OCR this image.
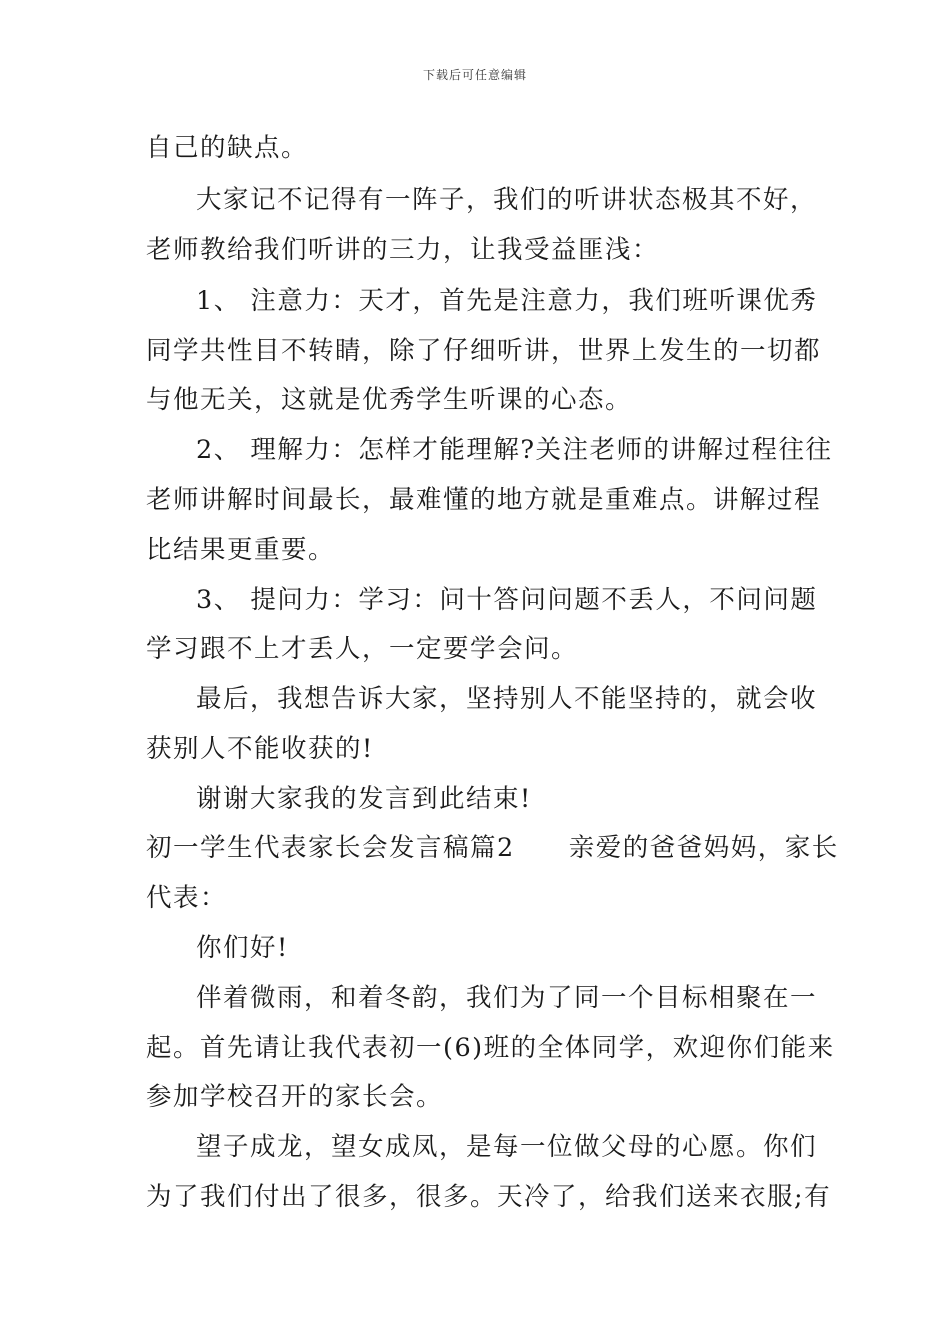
下载后可任意编辑
自己的缺点。
大家记不记得有一阵子，我们的听讲状态极其不好，
老师教给我们听讲的三力，让我受益匪浅：
1、 注意力：天才，首先是注意力，我们班听课优秀
同学共性目不转睛，除了仔细听讲，世界上发生的一切都
与他无关，这就是优秀学生听课的心态。
2、 理解力：怎样才能理解?关注老师的讲解过程往往
老师讲解时间最长，最难懂的地方就是重难点。讲解过程
比结果更重要。
3、 提问力：学习：问十答问问题不丢人，不问问题
学习跟不上才丢人，一定要学会问。
最后，我想告诉大家，坚持别人不能坚持的，就会收
获别人不能收获的!
谢谢大家我的发言到此结束!
初一学生代表家长会发言稿篇2　　亲爱的爸爸妈妈，家长
代表：
你们好!
伴着微雨，和着冬韵，我们为了同一个目标相聚在一
起。首先请让我代表初一(6)班的全体同学，欢迎你们能来
参加学校召开的家长会。
望子成龙，望女成凤，是每一位做父母的心愿。你们
为了我们付出了很多，很多。天冷了，给我们送来衣服;有
